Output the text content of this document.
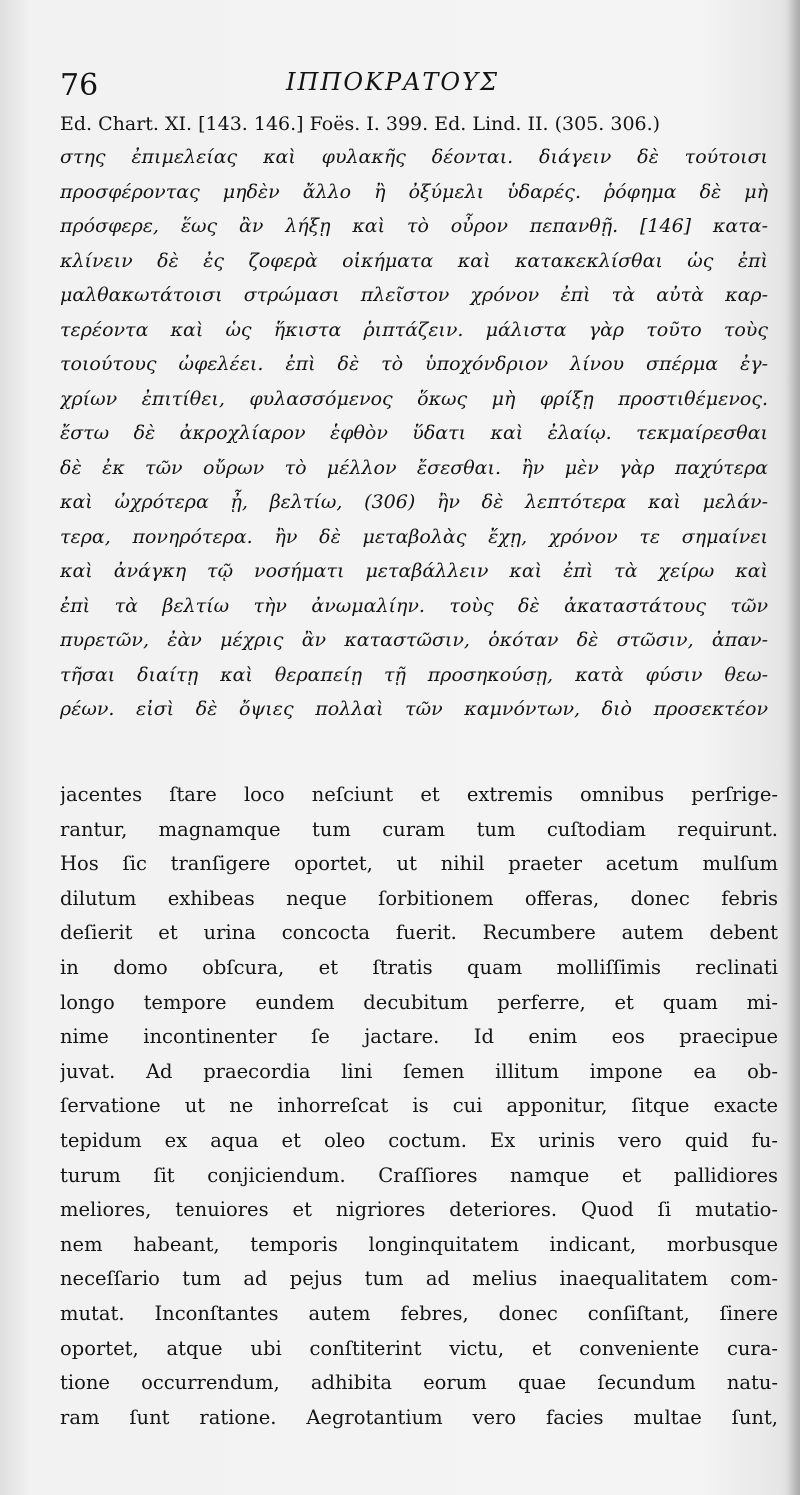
76	ΙΠΠΟΚΡΑΤΟΥΣ
Ed. Chart. XI. [143. 146.] Foës. I. 399. Ed. Lind. II. (305. 306.)
στης ἐπιμελείας καὶ φυλακῆς δέονται. διάγειν δὲ τούτοισι
προσφέροντας μηδὲν ἄλλο ἢ ὀξύμελι ὑδαρές. ῥόφημα δὲ μὴ
πρόσφερε, ἕως ἂν λήξῃ καὶ τὸ οὖρον πεπανθῇ. [146] κατα-
κλίνειν δὲ ἐς ζοφερὰ οἰκήματα καὶ κατακεκλίσθαι ὡς ἐπὶ
μαλθακωτάτοισι στρώμασι πλεῖστον χρόνον ἐπὶ τὰ αὐτὰ καρ-
τερέοντα καὶ ὡς ἥκιστα ῥιπτάζειν. μάλιστα γὰρ τοῦτο τοὺς
τοιούτους ὠφελέει. ἐπὶ δὲ τὸ ὑποχόνδριον λίνου σπέρμα ἐγ-
χρίων ἐπιτίθει, φυλασσόμενος ὅκως μὴ φρίξῃ προστιθέμενος.
ἔστω δὲ ἀκροχλίαρον ἑφθὸν ὕδατι καὶ ἐλαίῳ. τεκμαίρεσθαι
δὲ ἐκ τῶν οὔρων τὸ μέλλον ἔσεσθαι. ἢν μὲν γὰρ παχύτερα
καὶ ὠχρότερα ᾖ, βελτίω, (306) ἢν δὲ λεπτότερα καὶ μελάν-
τερα, πονηρότερα. ἢν δὲ μεταβολὰς ἔχῃ, χρόνον τε σημαίνει
καὶ ἀνάγκη τῷ νοσήματι μεταβάλλειν καὶ ἐπὶ τὰ χείρω καὶ
ἐπὶ τὰ βελτίω τὴν ἀνωμαλίην. τοὺς δὲ ἀκαταστάτους τῶν
πυρετῶν, ἐὰν μέχρις ἂν καταστῶσιν, ὁκόταν δὲ στῶσιν, ἀπαν-
τῆσαι διαίτῃ καὶ θεραπείῃ τῇ προσηκούσῃ, κατὰ φύσιν θεω-
ρέων. εἰσὶ δὲ ὄψιες πολλαὶ τῶν καμνόντων, διὸ προσεκτέον
jacentes ſtare loco neſciunt et extremis omnibus perſrige-
rantur, magnamque tum curam tum cuſtodiam requirunt.
Hos ſic tranſigere oportet, ut nihil praeter acetum mulſum
dilutum exhibeas neque ſorbitionem offeras, donec febris
deſierit et urina concocta fuerit. Recumbere autem debent
in domo obſcura, et ſtratis quam molliſſimis reclinati
longo tempore eundem decubitum perferre, et quam mi-
nime incontinenter ſe jactare. Id enim eos praecipue
juvat. Ad praecordia lini ſemen illitum impone ea ob-
ſervatione ut ne inhorreſcat is cui apponitur, ſitque exacte
tepidum ex aqua et oleo coctum. Ex urinis vero quid fu-
turum ſit conjiciendum. Craſſiores namque et pallidiores
meliores, tenuiores et nigriores deteriores. Quod ſi mutatio-
nem habeant, temporis longinquitatem indicant, morbusque
neceſſario tum ad pejus tum ad melius inaequalitatem com-
mutat. Inconſtantes autem febres, donec conſiſtant, ſinere
oportet, atque ubi conſtiterint victu, et conveniente cura-
tione occurrendum, adhibita eorum quae ſecundum natu-
ram ſunt ratione. Aegrotantium vero facies multae ſunt,
